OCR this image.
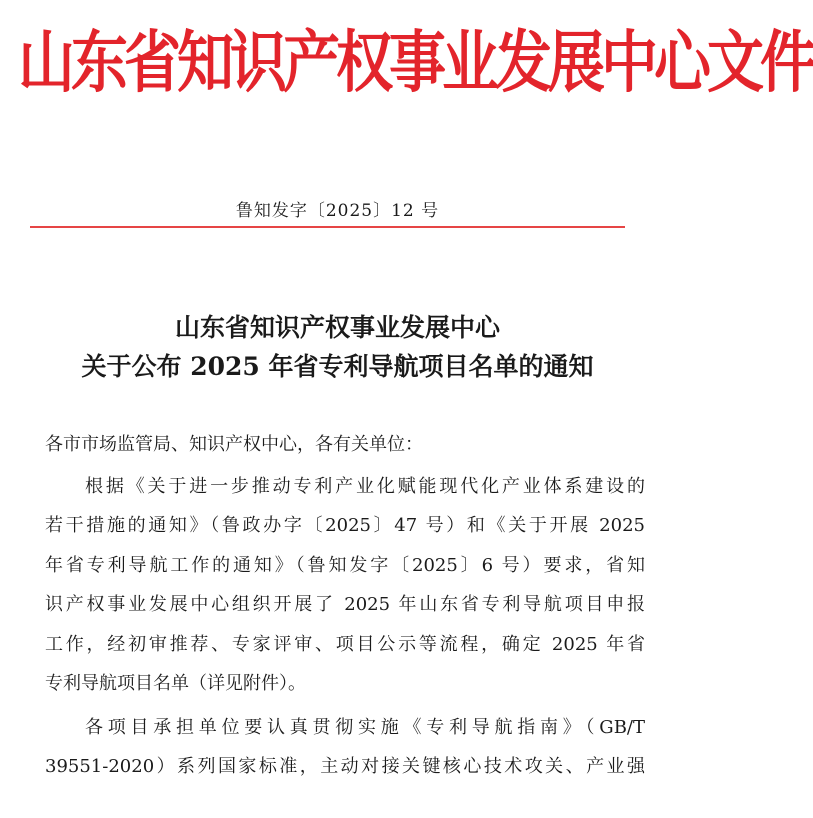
山东省知识产权事业发展中心文件
鲁知发字〔2025〕12 号
山东省知识产权事业发展中心
关于公布 2025 年省专利导航项目名单的通知
各市市场监管局、知识产权中心，各有关单位：
根据《关于进一步推动专利产业化赋能现代化产业体系建设的
若干措施的通知》（鲁政办字〔2025〕47 号）和《关于开展 2025
年省专利导航工作的通知》（鲁知发字〔2025〕6 号）要求，省知
识产权事业发展中心组织开展了 2025 年山东省专利导航项目申报
工作，经初审推荐、专家评审、项目公示等流程，确定 2025 年省
专利导航项目名单（详见附件）。
各项目承担单位要认真贯彻实施《专利导航指南》（GB/T
39551-2020）系列国家标准，主动对接关键核心技术攻关、产业强
